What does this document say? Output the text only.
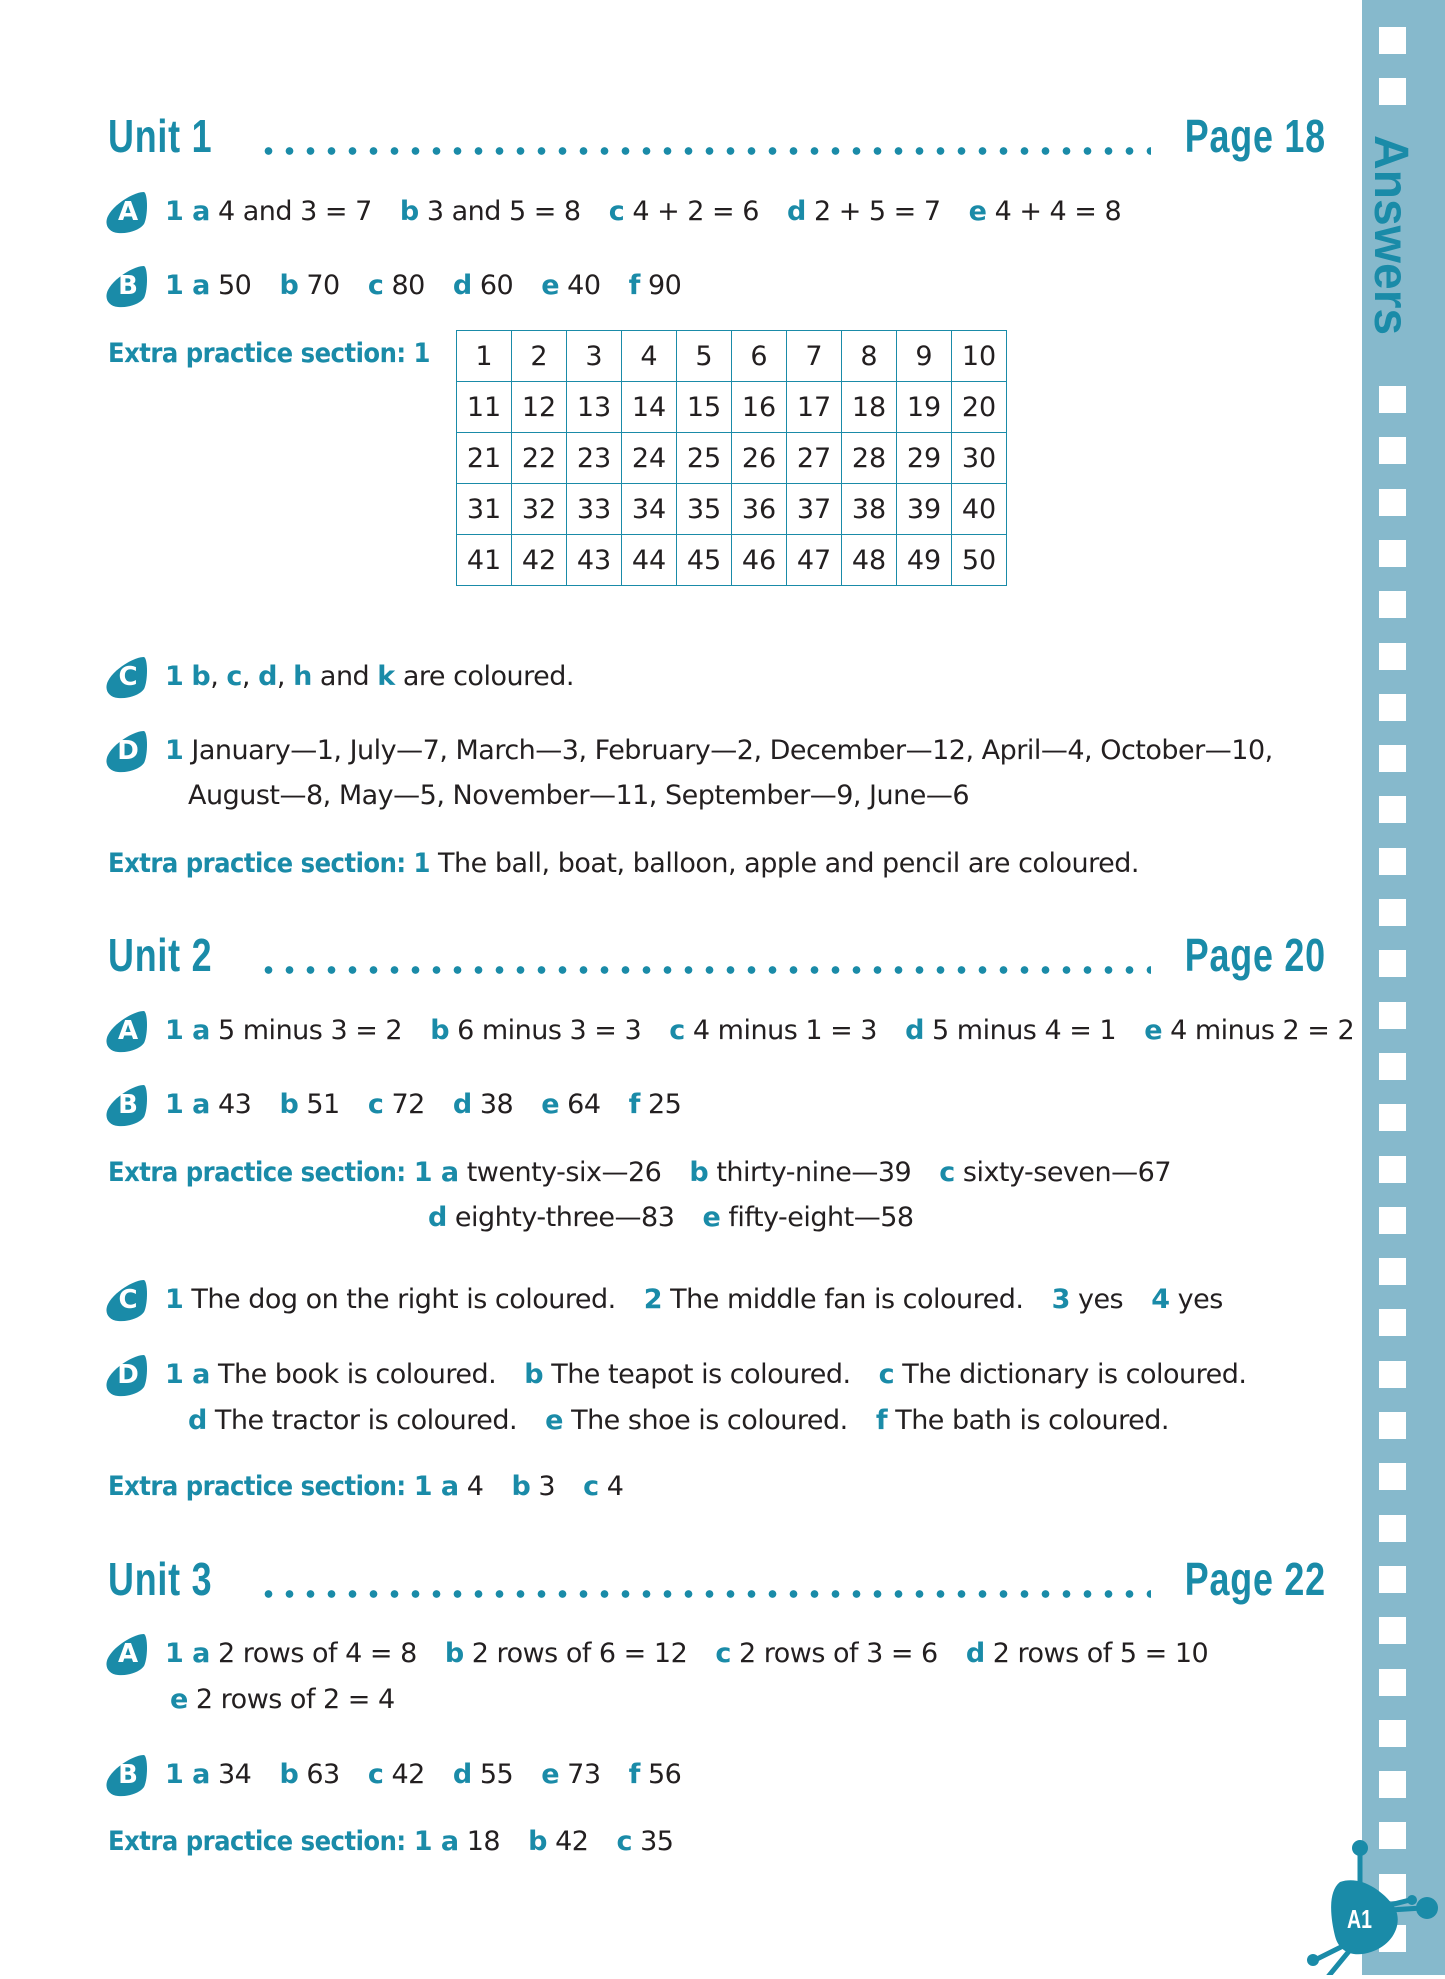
Answers
Unit 1	Page 18
A 1 a 4 and 3 = 7 b 3 and 5 = 8 c 4 + 2 = 6 d 2 + 5 = 7 e 4 + 4 = 8
B 1 a 50 b 70 c 80 d 60 e 40 f 90
Extra practice section: 1 1	2	3	4	5	6	7	8	9	10
11	12	13	14	15	16	17	18	19	20
21	22	23	24	25	26	27	28	29	30
31	32	33	34	35	36	37	38	39	40
41	42	43	44	45	46	47	48	49	50
C 1 b, c, d, h and k are coloured.
D 1 January—1, July—7, March—3, February—2, December—12, April—4, October—10,
August—8, May—5, November—11, September—9, June—6
Extra practice section: 1 The ball, boat, balloon, apple and pencil are coloured.
Unit 2	Page 20
A 1 a 5 minus 3 = 2 b 6 minus 3 = 3 c 4 minus 1 = 3 d 5 minus 4 = 1 e 4 minus 2 = 2
B 1 a 43 b 51 c 72 d 38 e 64 f 25
Extra practice section: 1 a twenty-six—26 b thirty-nine—39 c sixty-seven—67
d eighty-three—83 e fifty-eight—58
C 1 The dog on the right is coloured. 2 The middle fan is coloured. 3 yes 4 yes
D 1 a The book is coloured. b The teapot is coloured. c The dictionary is coloured.
d The tractor is coloured. e The shoe is coloured. f The bath is coloured.
Extra practice section: 1 a 4 b 3 c 4
Unit 3	Page 22
A 1 a 2 rows of 4 = 8 b 2 rows of 6 = 12 c 2 rows of 3 = 6 d 2 rows of 5 = 10
e 2 rows of 2 = 4
B 1 a 34 b 63 c 42 d 55 e 73 f 56
Extra practice section: 1 a 18 b 42 c 35
A1
